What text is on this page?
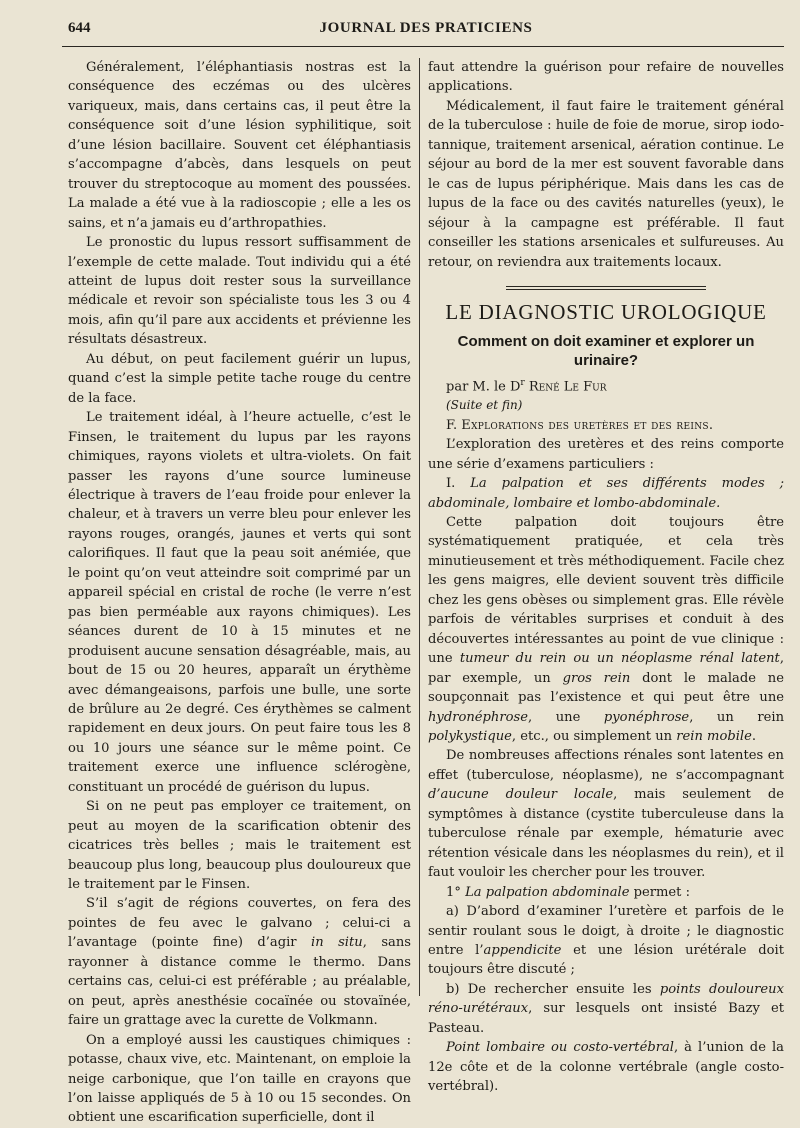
644	JOURNAL DES PRATICIENS

Généralement, l’éléphantiasis nostras est la conséquence des eczémas ou des ulcères variqueux, mais, dans certains cas, il peut être la conséquence soit d’une lésion syphilitique, soit d’une lésion bacillaire. Souvent cet éléphantiasis s’accompagne d’abcès, dans lesquels on peut trouver du streptocoque au moment des poussées. La malade a été vue à la radioscopie ; elle a les os sains, et n’a jamais eu d’arthropathies.

Le pronostic du lupus ressort suffisamment de l’exemple de cette malade. Tout individu qui a été atteint de lupus doit rester sous la surveillance médicale et revoir son spécialiste tous les 3 ou 4 mois, afin qu’il pare aux accidents et prévienne les résultats désastreux.

Au début, on peut facilement guérir un lupus, quand c’est la simple petite tache rouge du centre de la face.

Le traitement idéal, à l’heure actuelle, c’est le Finsen, le traitement du lupus par les rayons chimiques, rayons violets et ultra-violets. On fait passer les rayons d’une source lumineuse électrique à travers de l’eau froide pour enlever la chaleur, et à travers un verre bleu pour enlever les rayons rouges, orangés, jaunes et verts qui sont calorifiques. Il faut que la peau soit anémiée, que le point qu’on veut atteindre soit comprimé par un appareil spécial en cristal de roche (le verre n’est pas bien perméable aux rayons chimiques). Les séances durent de 10 à 15 minutes et ne produisent aucune sensation désagréable, mais, au bout de 15 ou 20 heures, apparaît un érythème avec démangeaisons, parfois une bulle, une sorte de brûlure au 2e degré. Ces érythèmes se calment rapidement en deux jours. On peut faire tous les 8 ou 10 jours une séance sur le même point. Ce traitement exerce une influence sclérogène, constituant un procédé de guérison du lupus.

Si on ne peut pas employer ce traitement, on peut au moyen de la scarification obtenir des cicatrices très belles ; mais le traitement est beaucoup plus long, beaucoup plus douloureux que le traitement par le Finsen.

S’il s’agit de régions couvertes, on fera des pointes de feu avec le galvano ; celui-ci a l’avantage (pointe fine) d’agir in situ, sans rayonner à distance comme le thermo. Dans certains cas, celui-ci est préférable ; au préalable, on peut, après anesthésie cocaïnée ou stovaïnée, faire un grattage avec la curette de Volkmann.

On a employé aussi les caustiques chimiques : potasse, chaux vive, etc. Maintenant, on emploie la neige carbonique, que l’on taille en crayons que l’on laisse appliqués de 5 à 10 ou 15 secondes. On obtient une escarification superficielle, dont il

faut attendre la guérison pour refaire de nouvelles applications.

Médicalement, il faut faire le traitement général de la tuberculose : huile de foie de morue, sirop iodo-tannique, traitement arsenical, aération continue. Le séjour au bord de la mer est souvent favorable dans le cas de lupus périphérique. Mais dans les cas de lupus de la face ou des cavités naturelles (yeux), le séjour à la campagne est préférable. Il faut conseiller les stations arsenicales et sulfureuses. Au retour, on reviendra aux traitements locaux.

LE DIAGNOSTIC UROLOGIQUE
Comment on doit examiner et explorer un urinaire?

par M. le $D^r$ René Le Fur

(Suite et fin)

F. Explorations des uretères et des reins.

L’exploration des uretères et des reins comporte une série d’examens particuliers :

I. La palpation et ses différents modes ; abdominale, lombaire et lombo-abdominale.

Cette palpation doit toujours être systématiquement pratiquée, et cela très minutieusement et très méthodiquement. Facile chez les gens maigres, elle devient souvent très difficile chez les gens obèses ou simplement gras. Elle révèle parfois de véritables surprises et conduit à des découvertes intéressantes au point de vue clinique : une tumeur du rein ou un néoplasme rénal latent, par exemple, un gros rein dont le malade ne soupçonnait pas l’existence et qui peut être une hydronéphrose, une pyonéphrose, un rein polykystique, etc., ou simplement un rein mobile.

De nombreuses affections rénales sont latentes en effet (tuberculose, néoplasme), ne s’accompagnant d’aucune douleur locale, mais seulement de symptômes à distance (cystite tuberculeuse dans la tuberculose rénale par exemple, hématurie avec rétention vésicale dans les néoplasmes du rein), et il faut vouloir les chercher pour les trouver.

1° La palpation abdominale permet :

a) D’abord d’examiner l’uretère et parfois de le sentir roulant sous le doigt, à droite ; le diagnostic entre l’appendicite et une lésion urétérale doit toujours être discuté ;

b) De rechercher ensuite les points douloureux réno-urétéraux, sur lesquels ont insisté Bazy et Pasteau.

Point lombaire ou costo-vertébral, à l’union de la 12e côte et de la colonne vertébrale (angle costo-vertébral).
